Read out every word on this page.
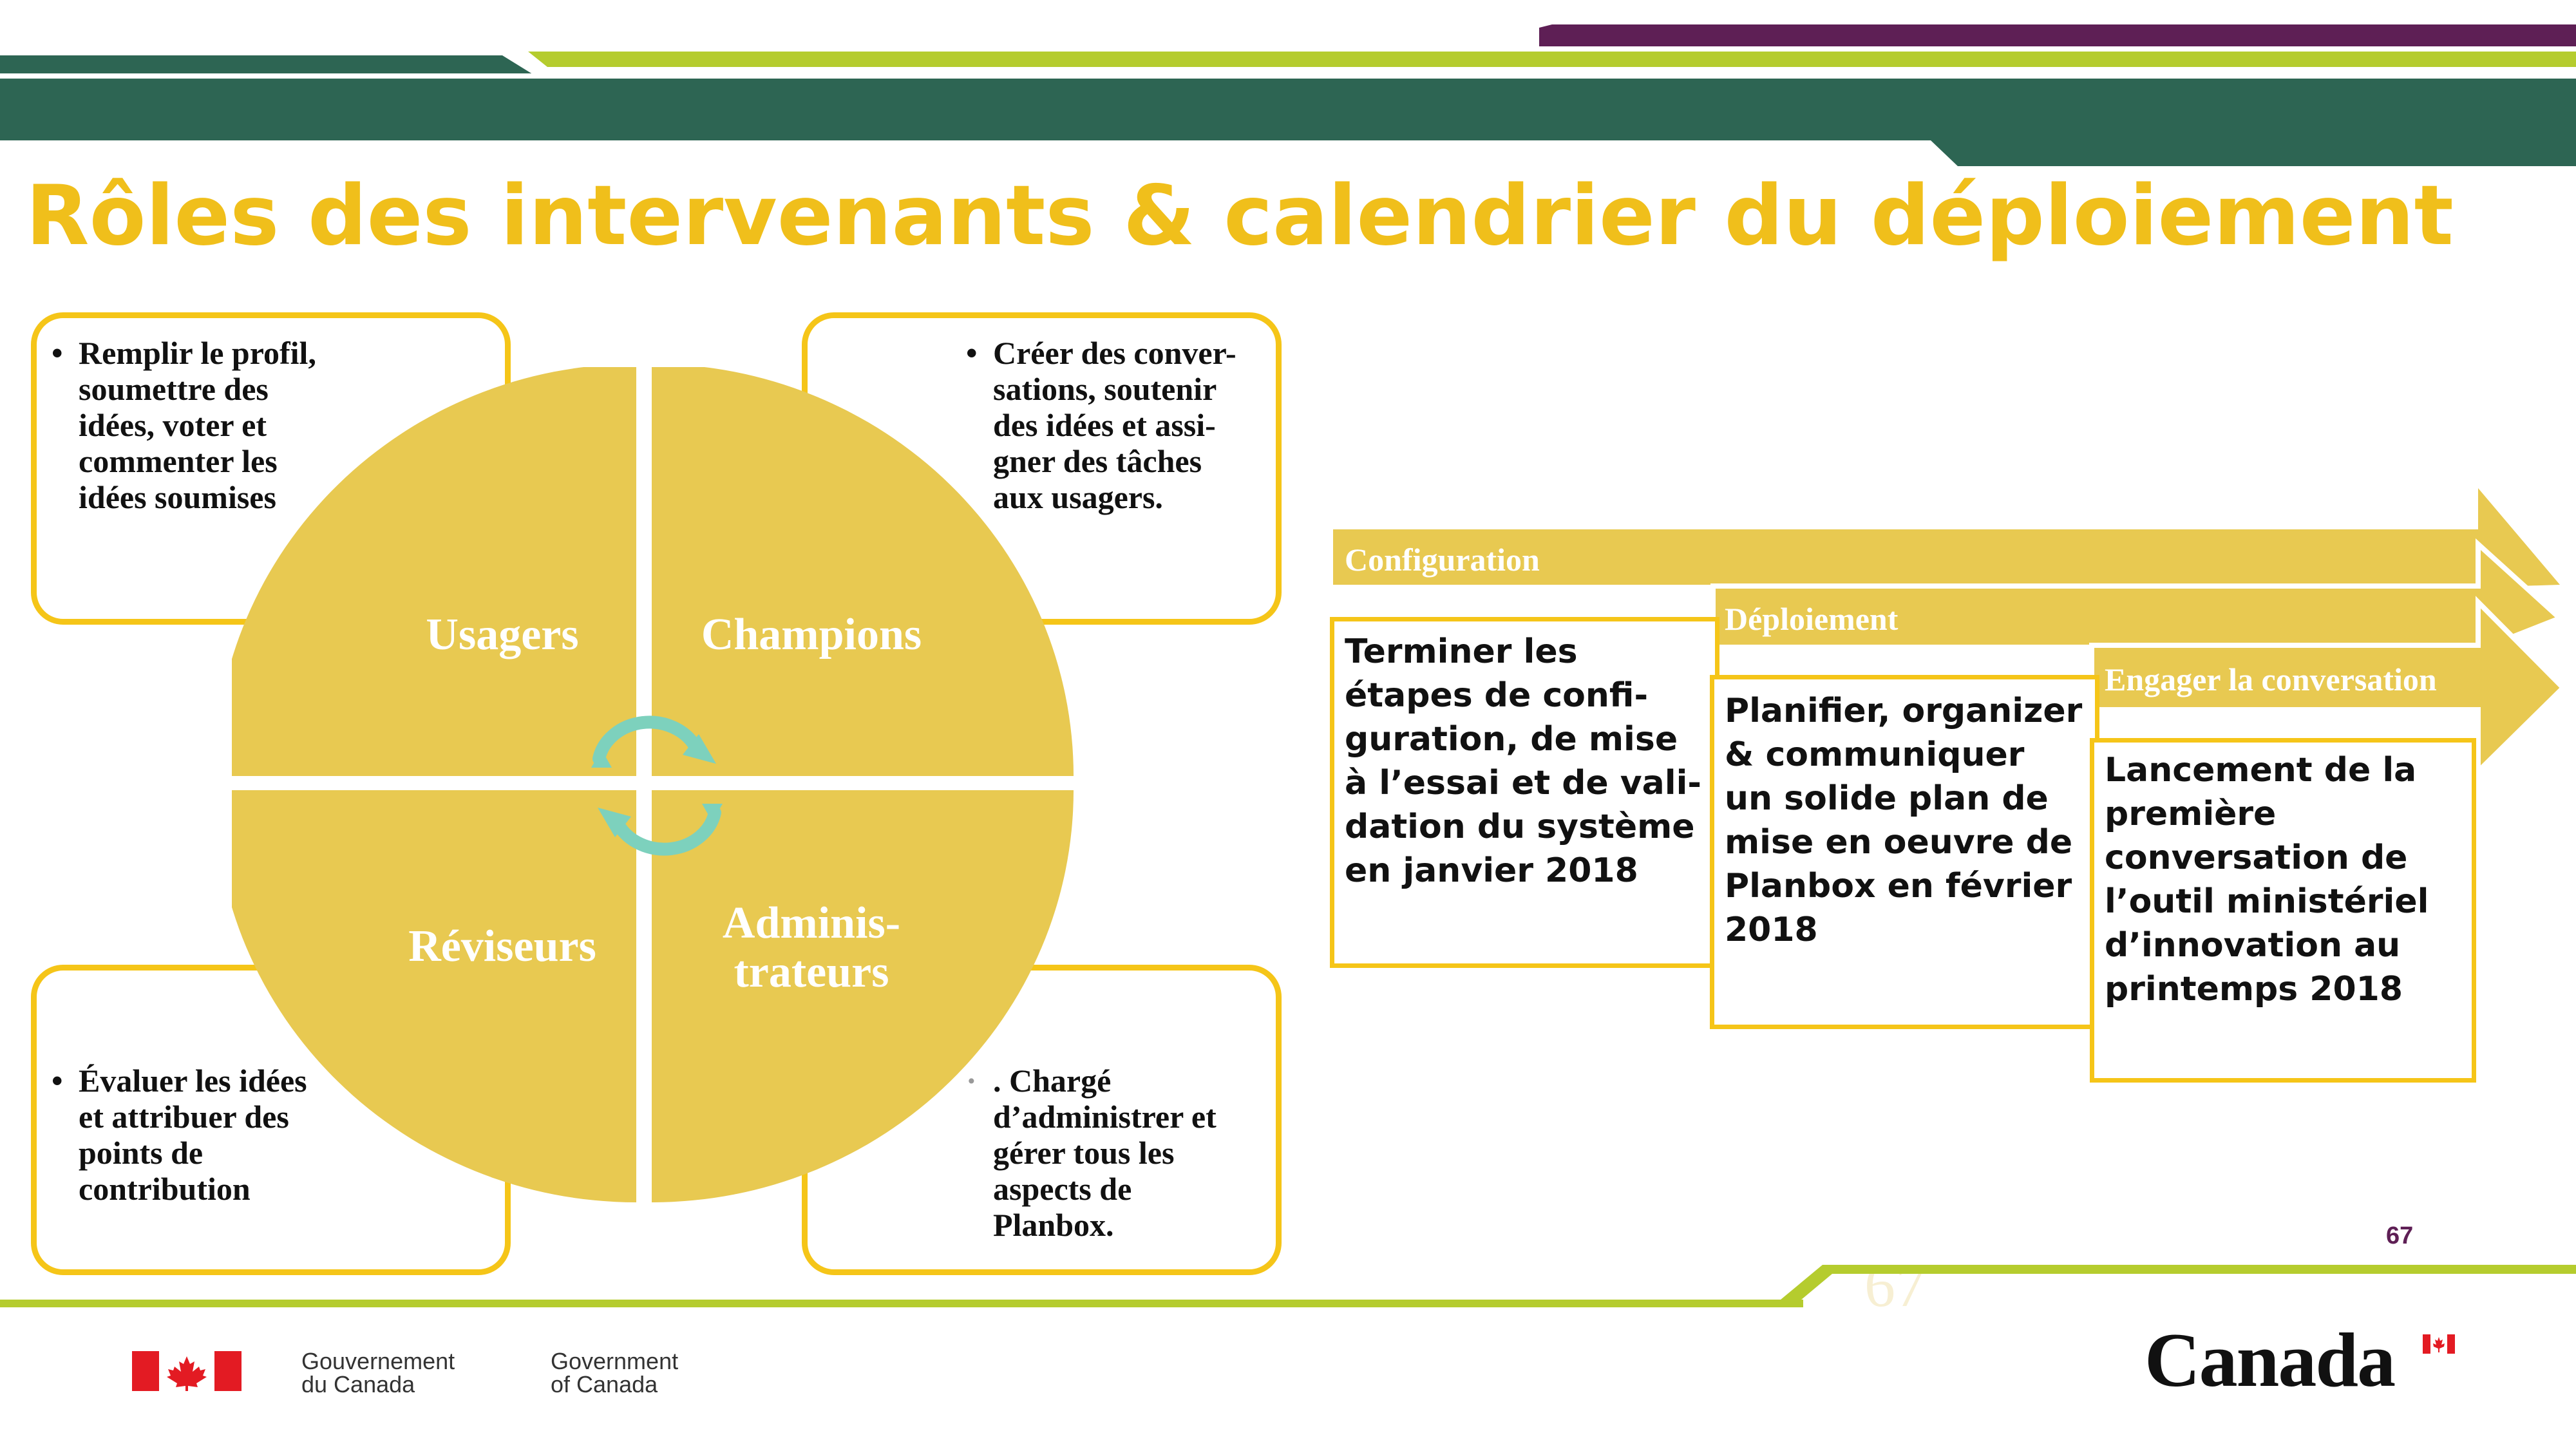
Rôles des intervenants & calendrier du déploiement
• Remplir le profil,
soumettre des
idées, voter et
commenter les
idées soumises
• Créer des conver-
sations, soutenir
des idées et assi-
gner des tâches
aux usagers.
• Évaluer les idées
et attribuer des
points de
contribution
· . Chargé
d’administrer et
gérer tous les
aspects de
Planbox.
Usagers	Champions
Réviseurs	Adminis-
trateurs
Configuration
Déploiement
Engager la conversation
Terminer les
étapes de confi-
guration, de mise
à l’essai et de vali-
dation du système
en janvier 2018
Planifier, organizer
& communiquer
un solide plan de
mise en oeuvre de
Planbox en février
2018
Lancement de la
première
conversation de
l’outil ministériel
d’innovation au
printemps 2018
67
67
Gouvernement
du Canada
Government
of Canada	Canada
